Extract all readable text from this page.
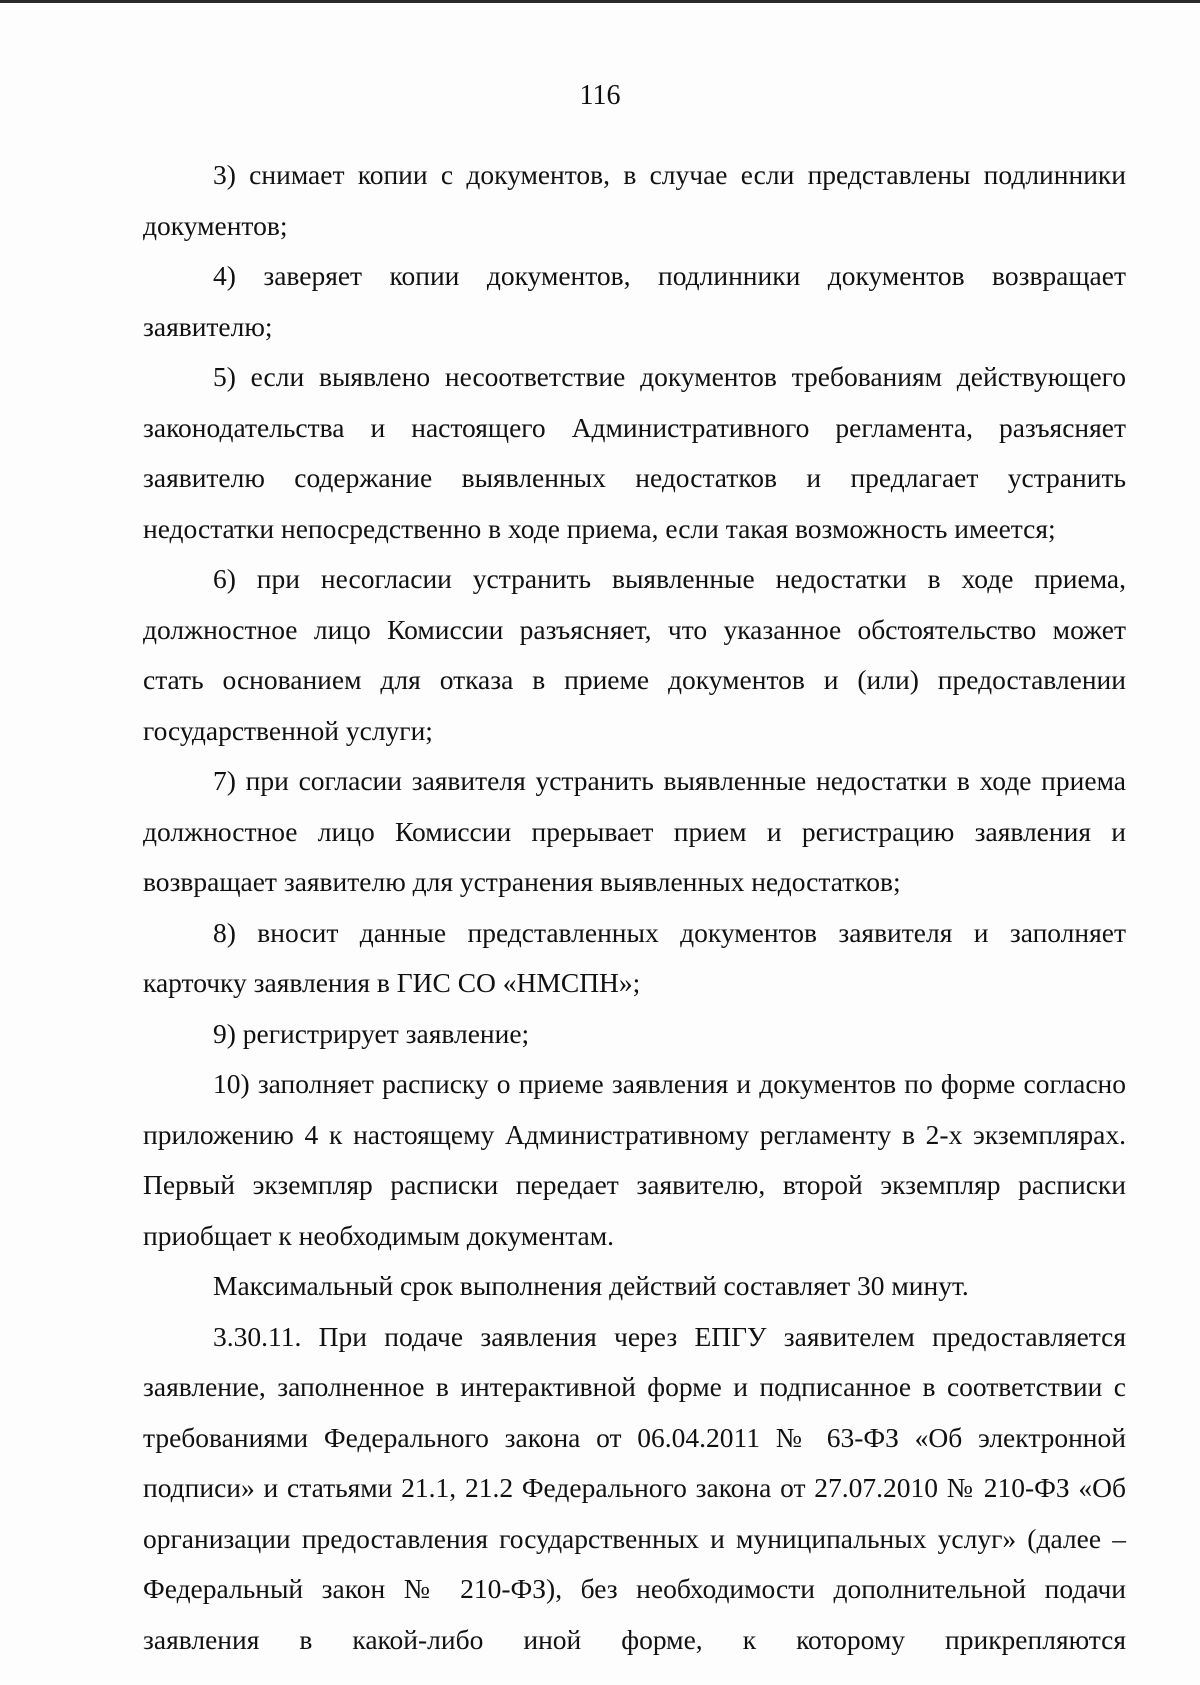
116

3) снимает копии с документов, в случае если представлены подлинники документов;

4) заверяет копии документов, подлинники документов возвращает заявителю;

5) если выявлено несоответствие документов требованиям действующего законодательства и настоящего Административного регламента, разъясняет заявителю содержание выявленных недостатков и предлагает устранить недостатки непосредственно в ходе приема, если такая возможность имеется;

6) при несогласии устранить выявленные недостатки в ходе приема, должностное лицо Комиссии разъясняет, что указанное обстоятельство может стать основанием для отказа в приеме документов и (или) предоставлении государственной услуги;

7) при согласии заявителя устранить выявленные недостатки в ходе приема должностное лицо Комиссии прерывает прием и регистрацию заявления и возвращает заявителю для устранения выявленных недостатков;

8) вносит данные представленных документов заявителя и заполняет карточку заявления в ГИС СО «НМСПН»;

9) регистрирует заявление;

10) заполняет расписку о приеме заявления и документов по форме согласно приложению 4 к настоящему Административному регламенту в 2-х экземплярах. Первый экземпляр расписки передает заявителю, второй экземпляр расписки приобщает к необходимым документам.

Максимальный срок выполнения действий составляет 30 минут.

3.30.11. При подаче заявления через ЕПГУ заявителем предоставляется заявление, заполненное в интерактивной форме и подписанное в соответствии с требованиями Федерального закона от 06.04.2011 № 63-ФЗ «Об электронной подписи» и статьями 21.1, 21.2 Федерального закона от 27.07.2010 № 210-ФЗ «Об организации предоставления государственных и муниципальных услуг» (далее – Федеральный закон № 210-ФЗ), без необходимости дополнительной подачи заявления в какой-либо иной форме, к которому прикрепляются
